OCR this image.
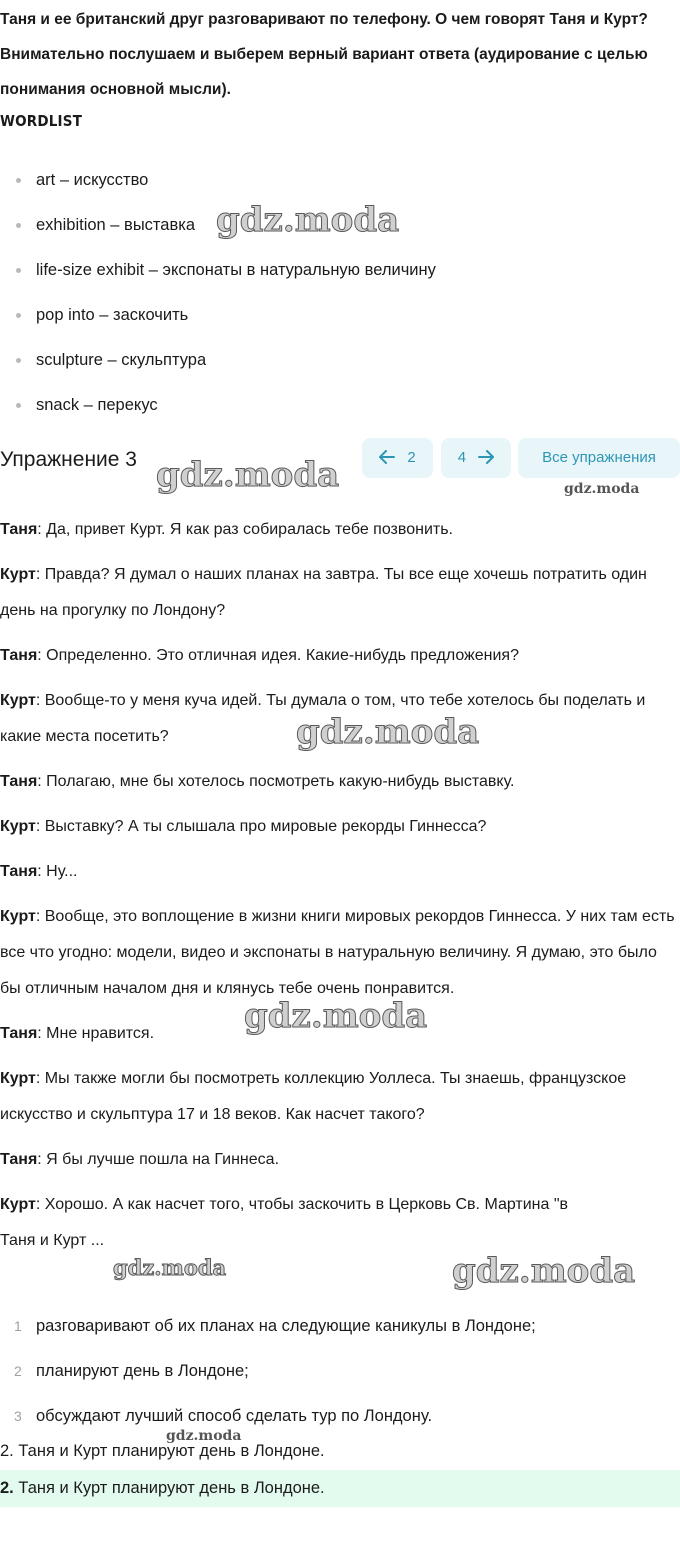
Таня и ее британский друг разговаривают по телефону. О чем говорят Таня и Курт? Внимательно послушаем и выберем верный вариант ответа (аудирование с целью понимания основной мысли).
WORDLIST
art – искусство
exhibition – выставка
life-size exhibit – экспонаты в натуральную величину
pop into – заскочить
sculpture – скульптура
snack – перекус
Упражнение 3	2	4	Все упражнения

Таня: Да, привет Курт. Я как раз собиралась тебе позвонить.

Курт: Правда? Я думал о наших планах на завтра. Ты все еще хочешь потратить один день на прогулку по Лондону?

Таня: Определенно. Это отличная идея. Какие-нибудь предложения?

Курт: Вообще-то у меня куча идей. Ты думала о том, что тебе хотелось бы поделать и какие места посетить?

Таня: Полагаю, мне бы хотелось посмотреть какую-нибудь выставку.

Курт: Выставку? А ты слышала про мировые рекорды Гиннесса?

Таня: Ну...

Курт: Вообще, это воплощение в жизни книги мировых рекордов Гиннесса. У них там есть все что угодно: модели, видео и экспонаты в натуральную величину. Я думаю, это было бы отличным началом дня и клянусь тебе очень понравится.

Таня: Мне нравится.

Курт: Мы также могли бы посмотреть коллекцию Уоллеса. Ты знаешь, французское искусство и скульптура 17 и 18 веков. Как насчет такого?

Таня: Я бы лучше пошла на Гиннеса.

Курт: Хорошо. А как насчет того, чтобы заскочить в Церковь Св. Мартина "в
Таня и Курт ...

1 разговаривают об их планах на следующие каникулы в Лондоне;
2 планируют день в Лондоне;
3 обсуждают лучший способ сделать тур по Лондону.
2. Таня и Курт планируют день в Лондоне.
2. Таня и Курт планируют день в Лондоне.
gdz.moda
gdz.moda	gdz.moda
gdz.moda
gdz.moda
gdz.moda	gdz.moda
gdz.moda
